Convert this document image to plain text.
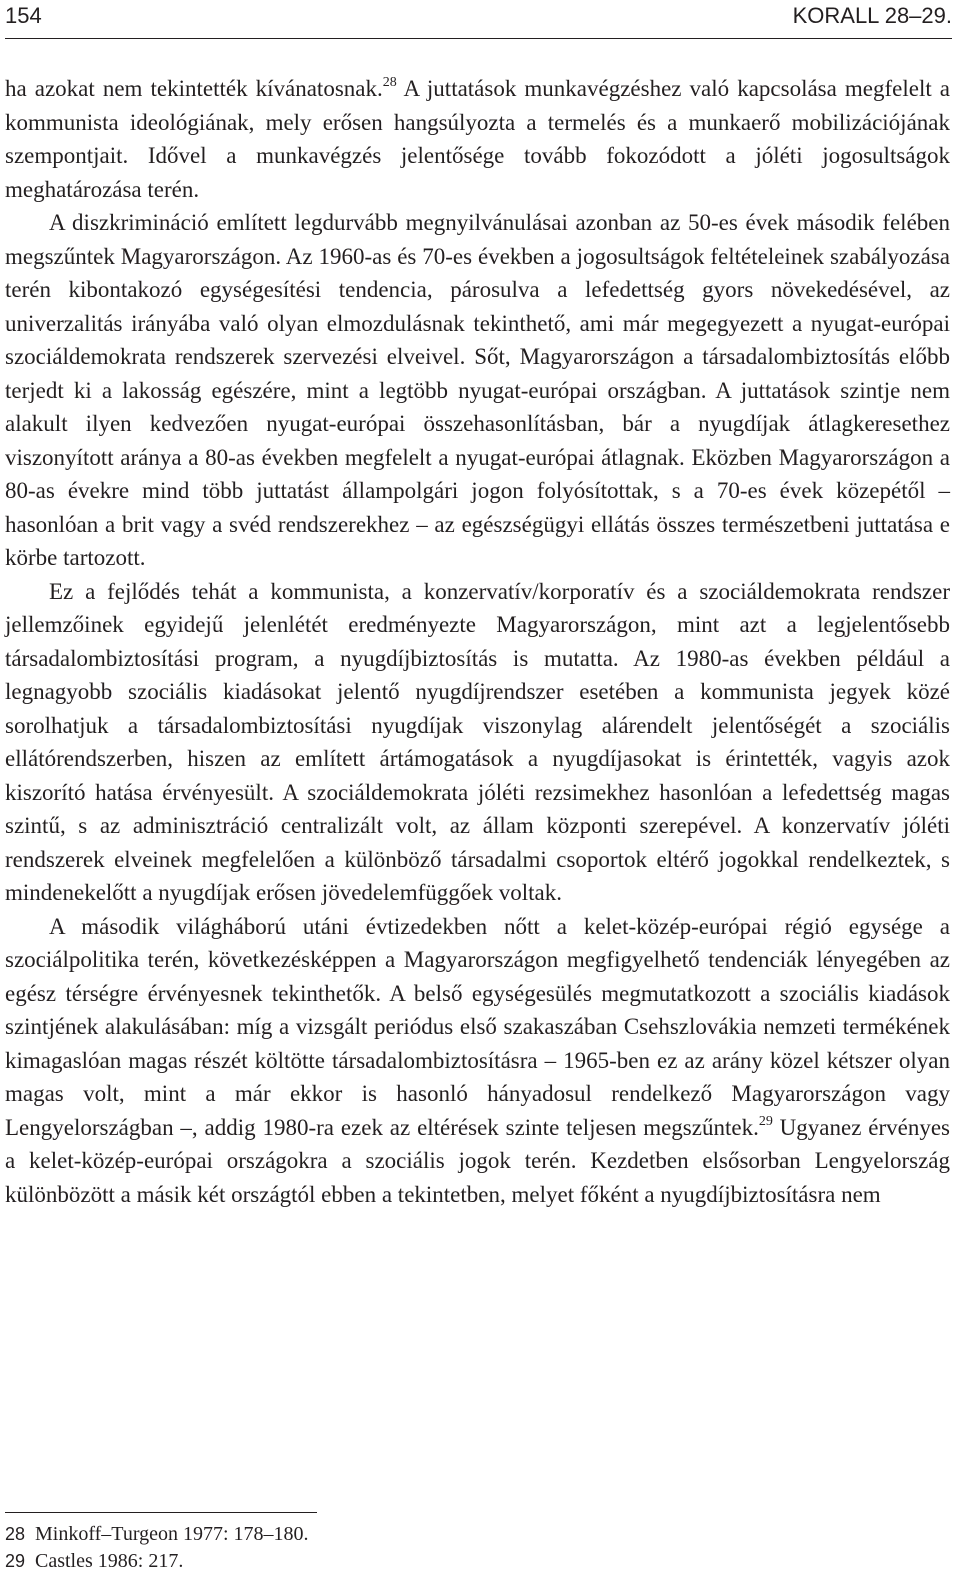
154	KORALL 28–29.

ha azokat nem tekintették kívánatosnak.$^{28}$ A juttatások munkavégzéshez való kapcsolása megfelelt a kommunista ideológiának, mely erősen hangsúlyozta a termelés és a munkaerő mobilizációjának szempontjait. Idővel a munkavégzés jelentősége tovább fokozódott a jóléti jogosultságok meghatározása terén.

A diszkrimináció említett legdurvább megnyilvánulásai azonban az 50-es évek második felében megszűntek Magyarországon. Az 1960-as és 70-es években a jogosultságok feltételeinek szabályozása terén kibontakozó egységesítési tendencia, párosulva a lefedettség gyors növekedésével, az univerzalitás irányába való olyan elmozdulásnak tekinthető, ami már megegyezett a nyugat-európai szociáldemokrata rendszerek szervezési elveivel. Sőt, Magyarországon a társadalombiztosítás előbb terjedt ki a lakosság egészére, mint a legtöbb nyugat-európai országban. A juttatások szintje nem alakult ilyen kedvezően nyugat-európai összehasonlításban, bár a nyugdíjak átlagkeresethez viszonyított aránya a 80-as években megfelelt a nyugat-európai átlagnak. Eközben Magyarországon a 80-as évekre mind több juttatást állampolgári jogon folyósítottak, s a 70-es évek közepétől – hasonlóan a brit vagy a svéd rendszerekhez – az egészségügyi ellátás összes természetbeni juttatása e körbe tartozott.

Ez a fejlődés tehát a kommunista, a konzervatív/korporatív és a szociáldemokrata rendszer jellemzőinek egyidejű jelenlétét eredményezte Magyarországon, mint azt a legjelentősebb társadalombiztosítási program, a nyugdíjbiztosítás is mutatta. Az 1980-as években például a legnagyobb szociális kiadásokat jelentő nyugdíjrendszer esetében a kommunista jegyek közé sorolhatjuk a társadalombiztosítási nyugdíjak viszonylag alárendelt jelentőségét a szociális ellátórendszerben, hiszen az említett ártámogatások a nyugdíjasokat is érintették, vagyis azok kiszorító hatása érvényesült. A szociáldemokrata jóléti rezsimekhez hasonlóan a lefedettség magas szintű, s az adminisztráció centralizált volt, az állam központi szerepével. A konzervatív jóléti rendszerek elveinek megfelelően a különböző társadalmi csoportok eltérő jogokkal rendelkeztek, s mindenekelőtt a nyugdíjak erősen jövedelemfüggőek voltak.

A második világháború utáni évtizedekben nőtt a kelet-közép-európai régió egysége a szociálpolitika terén, következésképpen a Magyarországon megfigyelhető tendenciák lényegében az egész térségre érvényesnek tekinthetők. A belső egységesülés megmutatkozott a szociális kiadások szintjének alakulásában: míg a vizsgált periódus első szakaszában Csehszlovákia nemzeti termékének kimagaslóan magas részét költötte társadalombiztosításra – 1965-ben ez az arány közel kétszer olyan magas volt, mint a már ekkor is hasonló hányadosul rendelkező Magyarországon vagy Lengyelországban –, addig 1980-ra ezek az eltérések szinte teljesen megszűntek.$^{29}$ Ugyanez érvényes a kelet-közép-európai országokra a szociális jogok terén. Kezdetben elsősorban Lengyelország különbözött a másik két országtól ebben a tekintetben, melyet főként a nyugdíjbiztosításra nem

28 Minkoff–Turgeon 1977: 178–180.
29 Castles 1986: 217.
